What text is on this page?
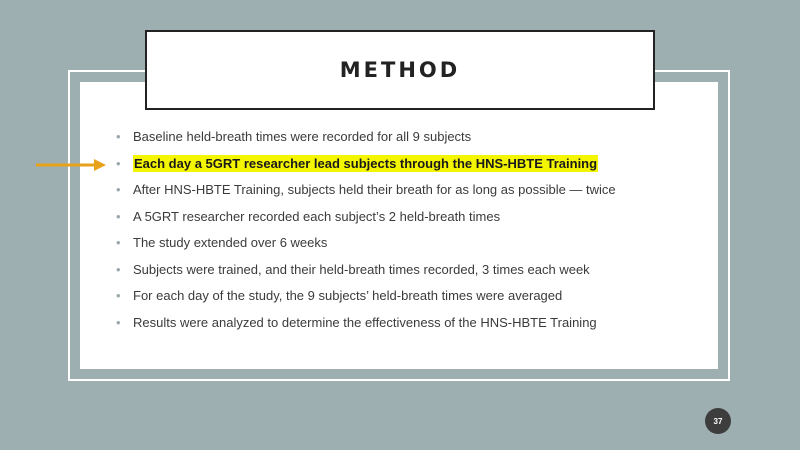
METHOD
• Baseline held-breath times were recorded for all 9 subjects
• Each day a 5GRT researcher lead subjects through the HNS-HBTE Training
• After HNS-HBTE Training, subjects held their breath for as long as possible — twice
• A 5GRT researcher recorded each subject’s 2 held-breath times
• The study extended over 6 weeks
• Subjects were trained, and their held-breath times recorded, 3 times each week
• For each day of the study, the 9 subjects’ held-breath times were averaged
• Results were analyzed to determine the effectiveness of the HNS-HBTE Training
37
